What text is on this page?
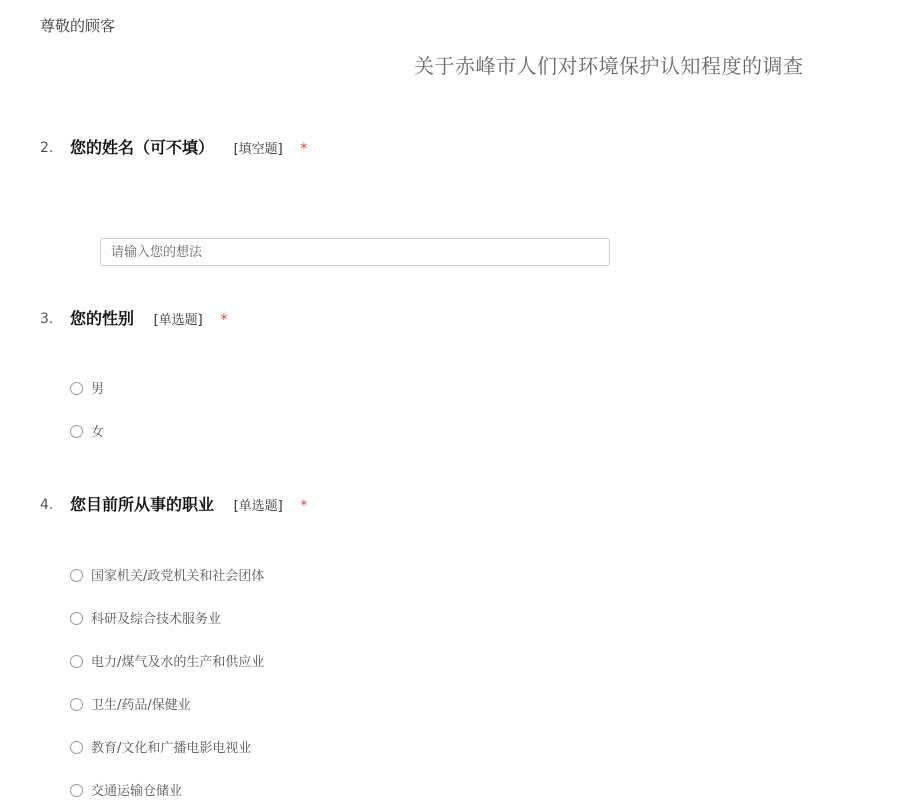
尊敬的顾客
关于赤峰市人们对环境保护认知程度的调查
2. 您的姓名（可不填） [填空题] *
请输入您的想法
3. 您的性别 [单选题] *
男
女
4. 您目前所从事的职业 [单选题] *
国家机关/政党机关和社会团体
科研及综合技术服务业
电力/煤气及水的生产和供应业
卫生/药品/保健业
教育/文化和广播电影电视业
交通运输仓储业
